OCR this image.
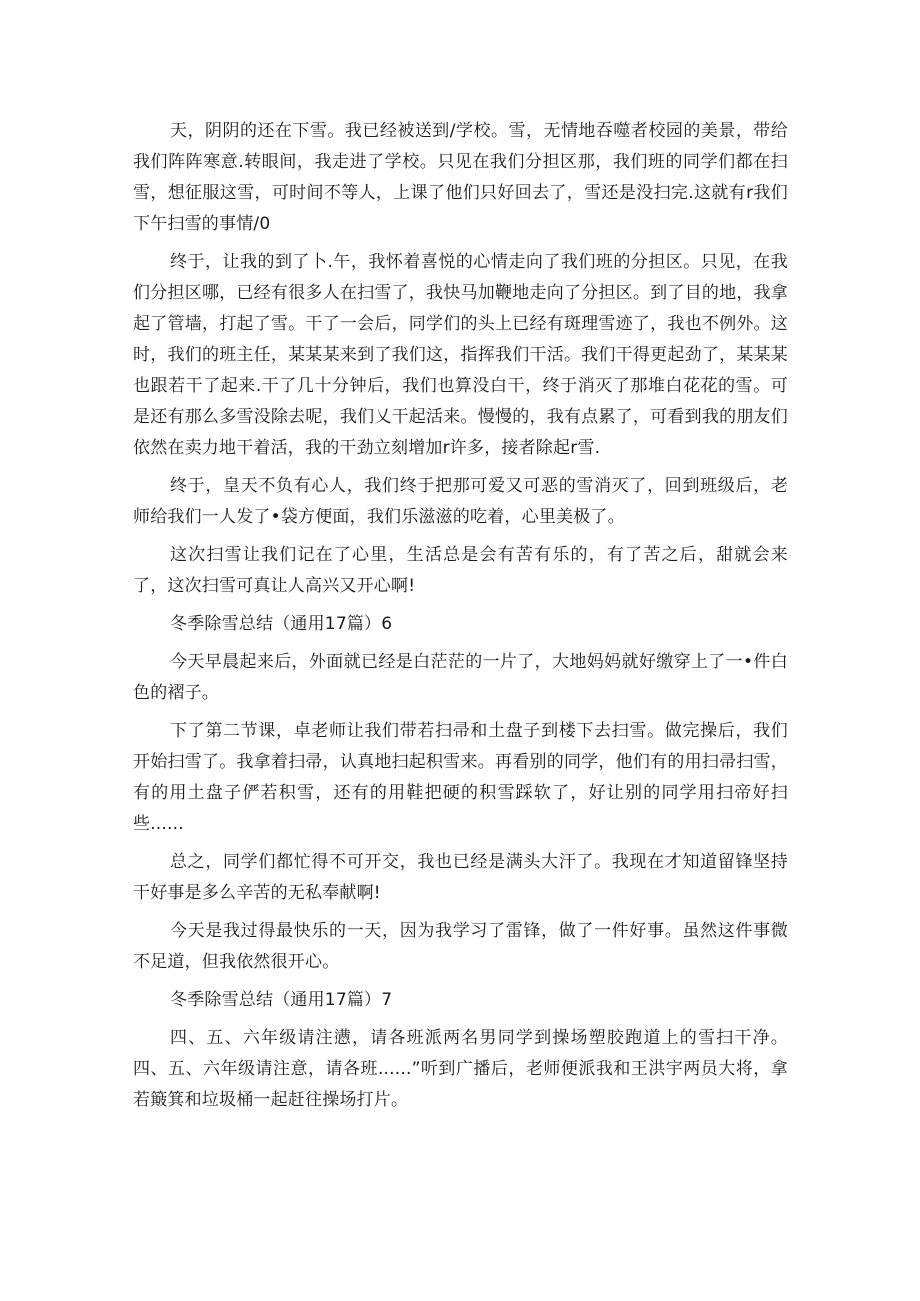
天，阴阴的还在下雪。我已经被送到/学校。雪，无情地吞噬者校园的美景，带给我们阵阵寒意.转眼间，我走进了学校。只见在我们分担区那，我们班的同学们都在扫雪，想征服这雪，可时间不等人，上课了他们只好回去了，雪还是没扫完.这就有r我们下午扫雪的事情/0

终于，让我的到了卜.午，我怀着喜悦的心情走向了我们班的分担区。只见，在我们分担区哪，已经有很多人在扫雪了，我快马加鞭地走向了分担区。到了目的地，我拿起了管墙，打起了雪。干了一会后，同学们的头上已经有斑理雪迹了，我也不例外。这时，我们的班主任，某某某来到了我们这，指挥我们干活。我们干得更起劲了，某某某也跟若干了起来.干了几十分钟后，我们也算没白干，终于消灭了那堆白花花的雪。可是还有那么多雪没除去呢，我们乂干起活来。慢慢的，我有点累了，可看到我的朋友们依然在卖力地干着活，我的干劲立刻增加r许多，接者除起r雪.

终于，皇天不负有心人，我们终于把那可爱又可恶的雪消灭了，回到班级后，老师给我们一人发了•袋方便面，我们乐滋滋的吃着，心里美极了。

这次扫雪让我们记在了心里，生活总是会有苦有乐的，有了苦之后，甜就会来了，这次扫雪可真让人高兴又开心啊!

冬季除雪总结（通用17篇）6

今天早晨起来后，外面就已经是白茫茫的一片了，大地妈妈就好缴穿上了一•件白色的褶子。

下了第二节课，卓老师让我们带若扫帚和土盘子到楼下去扫雪。做完操后，我们开始扫雪了。我拿着扫帚，认真地扫起积雪来。再看别的同学，他们有的用扫帚扫雪，有的用土盘子俨若积雪，还有的用鞋把硬的积雪踩软了，好让别的同学用扫帝好扫些......

总之，同学们都忙得不可开交，我也已经是满头大汗了。我现在才知道留锋坚持干好事是多么辛苦的无私奉献啊!

今天是我过得最快乐的一天，因为我学习了雷锋，做了一件好事。虽然这件事微不足道，但我依然很开心。

冬季除雪总结（通用17篇）7

四、五、六年级请注懑，请各班派两名男同学到操场塑胶跑道上的雪扫干净。四、五、六年级请注意，请各班......”听到广播后，老师便派我和王洪宇两员大将，拿若簸箕和垃圾桶一起赶往操场打片。
